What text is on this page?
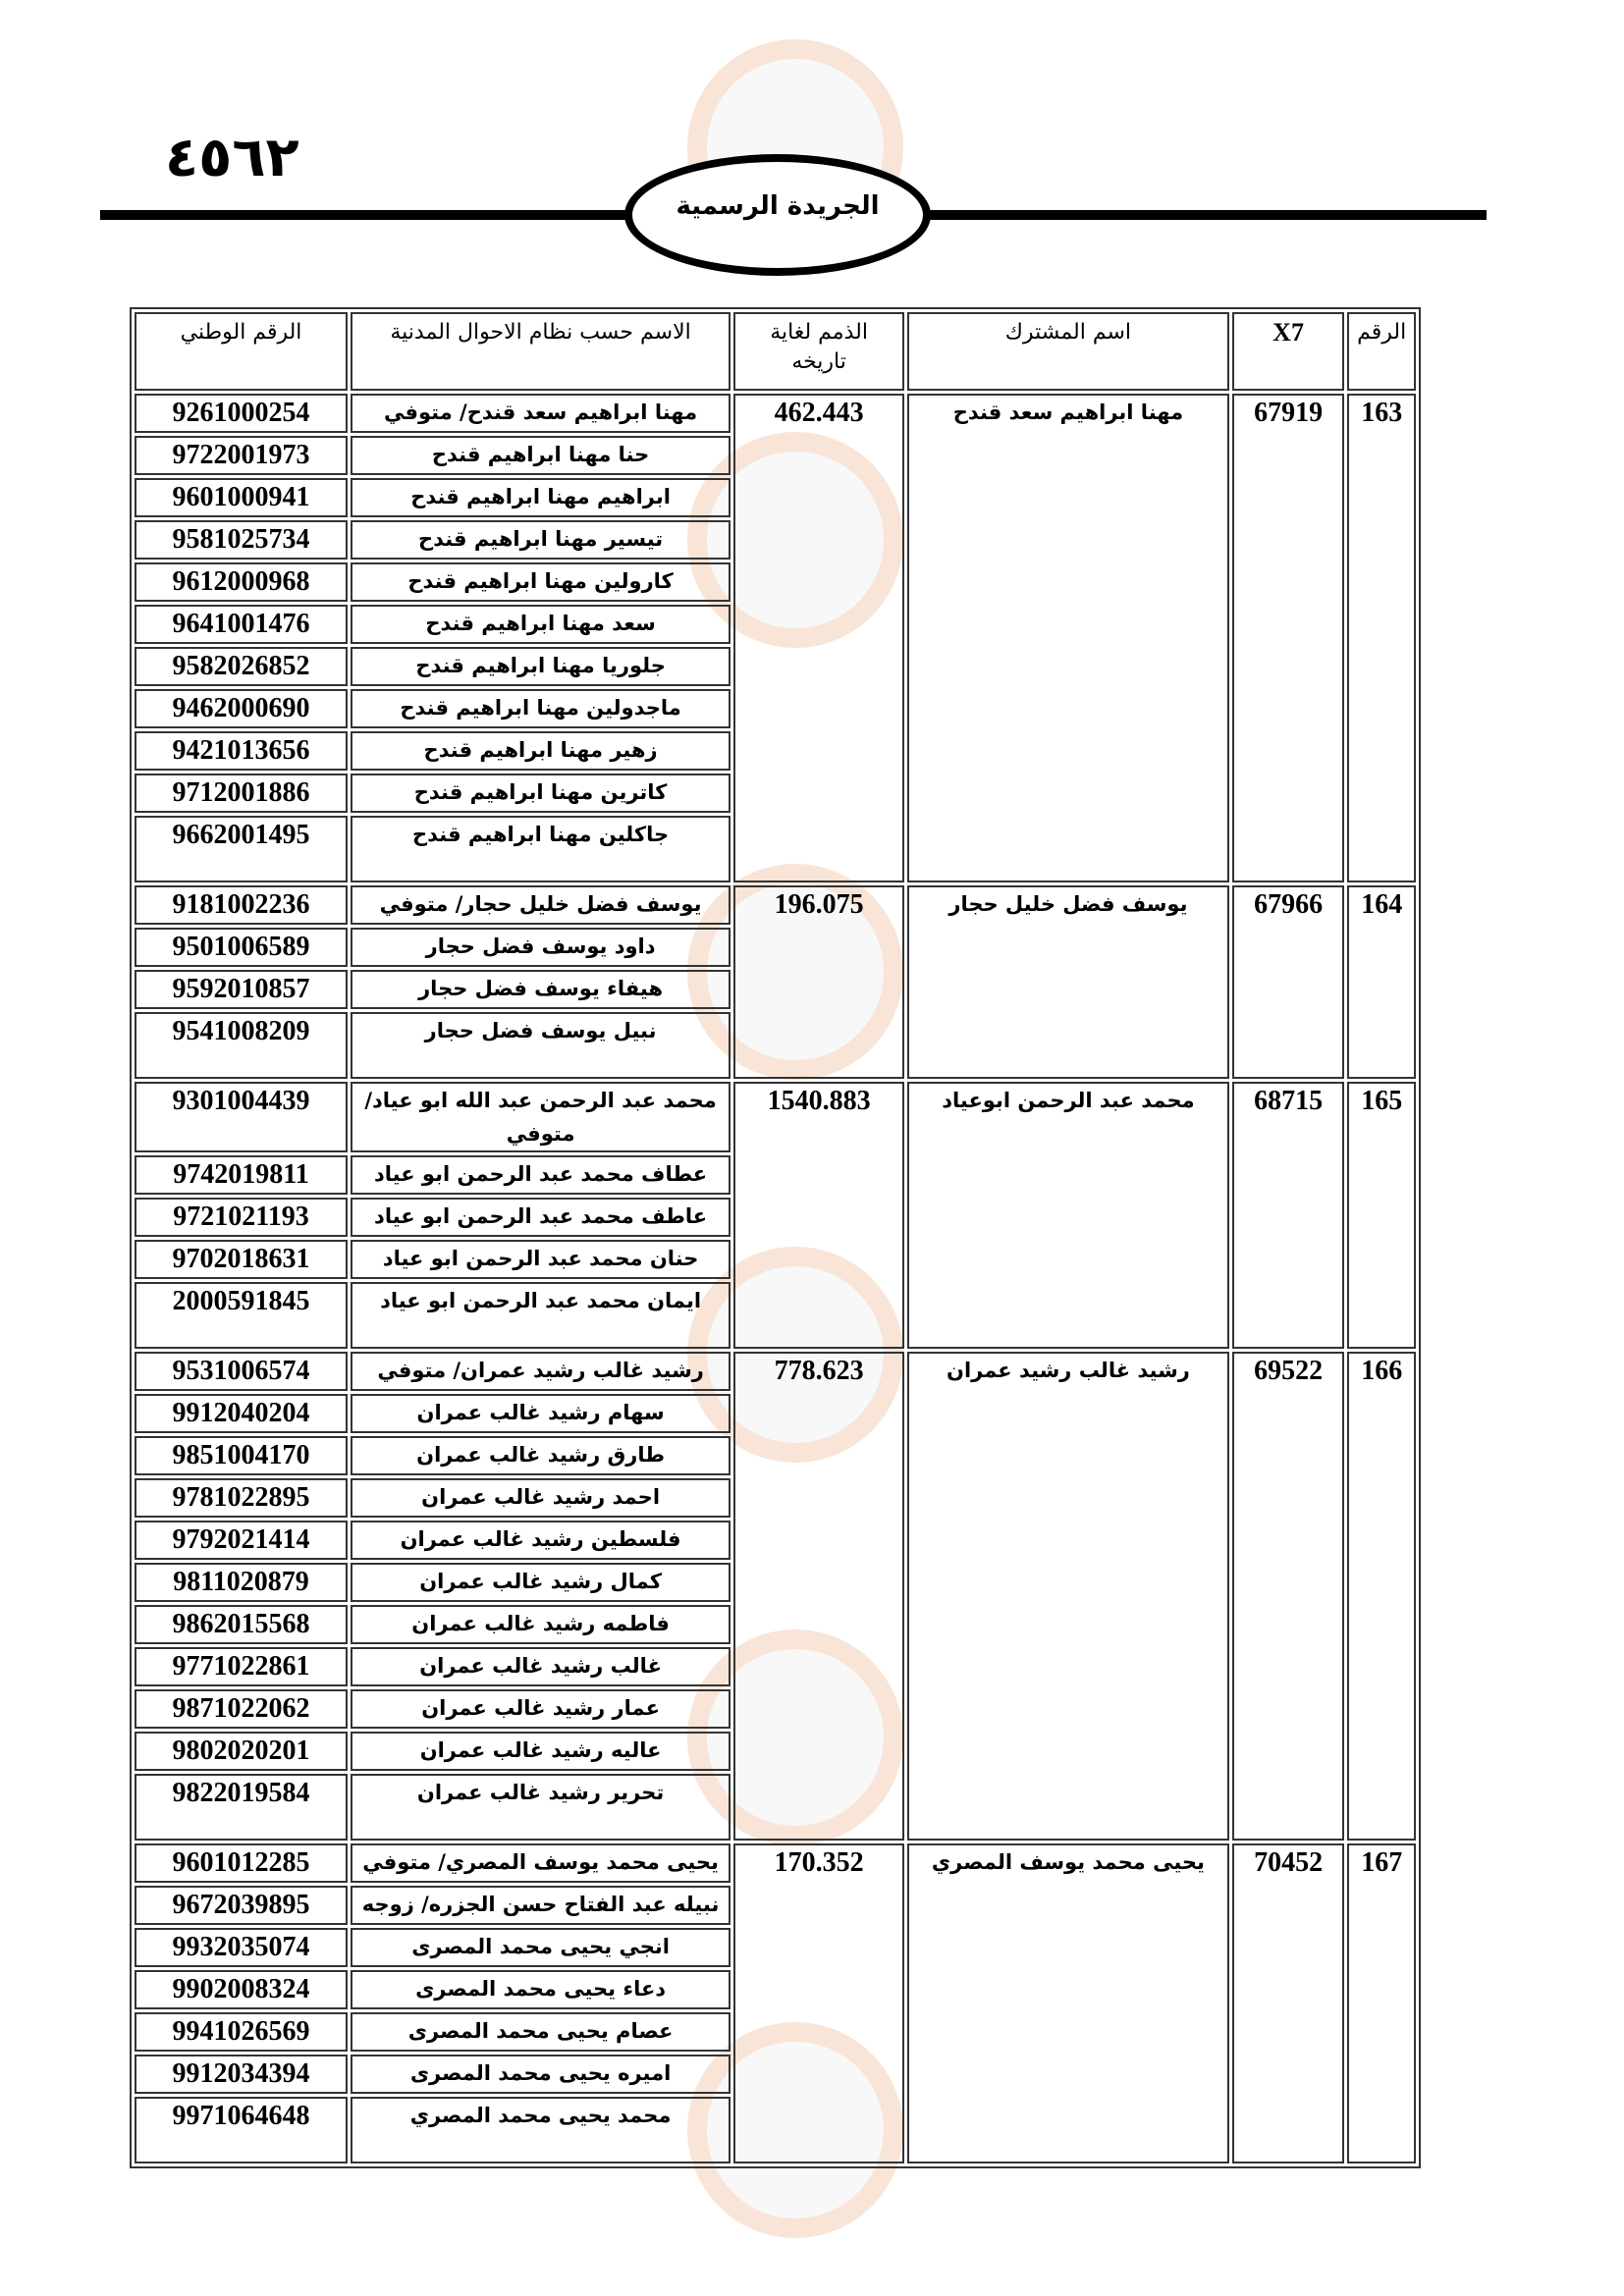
٤٥٦٢
الجريدة الرسمية
الرقم	X7	اسم المشترك	الذمم لغاية تاريخه	الاسم حسب نظام الاحوال المدنية	الرقم الوطني
163	67919	مهنا ابراهيم سعد قندح	462.443	مهنا ابراهيم سعد قندح/ متوفي	9261000254
				حنا مهنا ابراهيم قندح	9722001973
				ابراهيم مهنا ابراهيم قندح	9601000941
				تيسير مهنا ابراهيم قندح	9581025734
				كارولين مهنا ابراهيم قندح	9612000968
				سعد مهنا ابراهيم قندح	9641001476
				جلوريا مهنا ابراهيم قندح	9582026852
				ماجدولين مهنا ابراهيم قندح	9462000690
				زهير مهنا ابراهيم قندح	9421013656
				كاترين مهنا ابراهيم قندح	9712001886
				جاكلين مهنا ابراهيم قندح	9662001495
164	67966	يوسف فضل خليل حجار	196.075	يوسف فضل خليل حجار/ متوفي	9181002236
				داود يوسف فضل حجار	9501006589
				هيفاء يوسف فضل حجار	9592010857
				نبيل يوسف فضل حجار	9541008209
165	68715	محمد عبد الرحمن ابوعياد	1540.883	محمد عبد الرحمن عبد الله ابو عياد/ متوفي	9301004439
				عطاف محمد عبد الرحمن ابو عياد	9742019811
				عاطف محمد عبد الرحمن ابو عياد	9721021193
				حنان محمد عبد الرحمن ابو عياد	9702018631
				ايمان محمد عبد الرحمن ابو عياد	2000591845
166	69522	رشيد غالب رشيد عمران	778.623	رشيد غالب رشيد عمران/ متوفي	9531006574
				سهام رشيد غالب عمران	9912040204
				طارق رشيد غالب عمران	9851004170
				احمد رشيد غالب عمران	9781022895
				فلسطين رشيد غالب عمران	9792021414
				كمال رشيد غالب عمران	9811020879
				فاطمه رشيد غالب عمران	9862015568
				غالب رشيد غالب عمران	9771022861
				عمار رشيد غالب عمران	9871022062
				عاليه رشيد غالب عمران	9802020201
				تحرير رشيد غالب عمران	9822019584
167	70452	يحيى محمد يوسف المصري	170.352	يحيى محمد يوسف المصري/ متوفي	9601012285
				نبيله عبد الفتاح حسن الجزره/ زوجه	9672039895
				انجي يحيى محمد المصرى	9932035074
				دعاء يحيى محمد المصرى	9902008324
				عصام يحيى محمد المصرى	9941026569
				اميره يحيى محمد المصرى	9912034394
				محمد يحيى محمد المصري	9971064648
